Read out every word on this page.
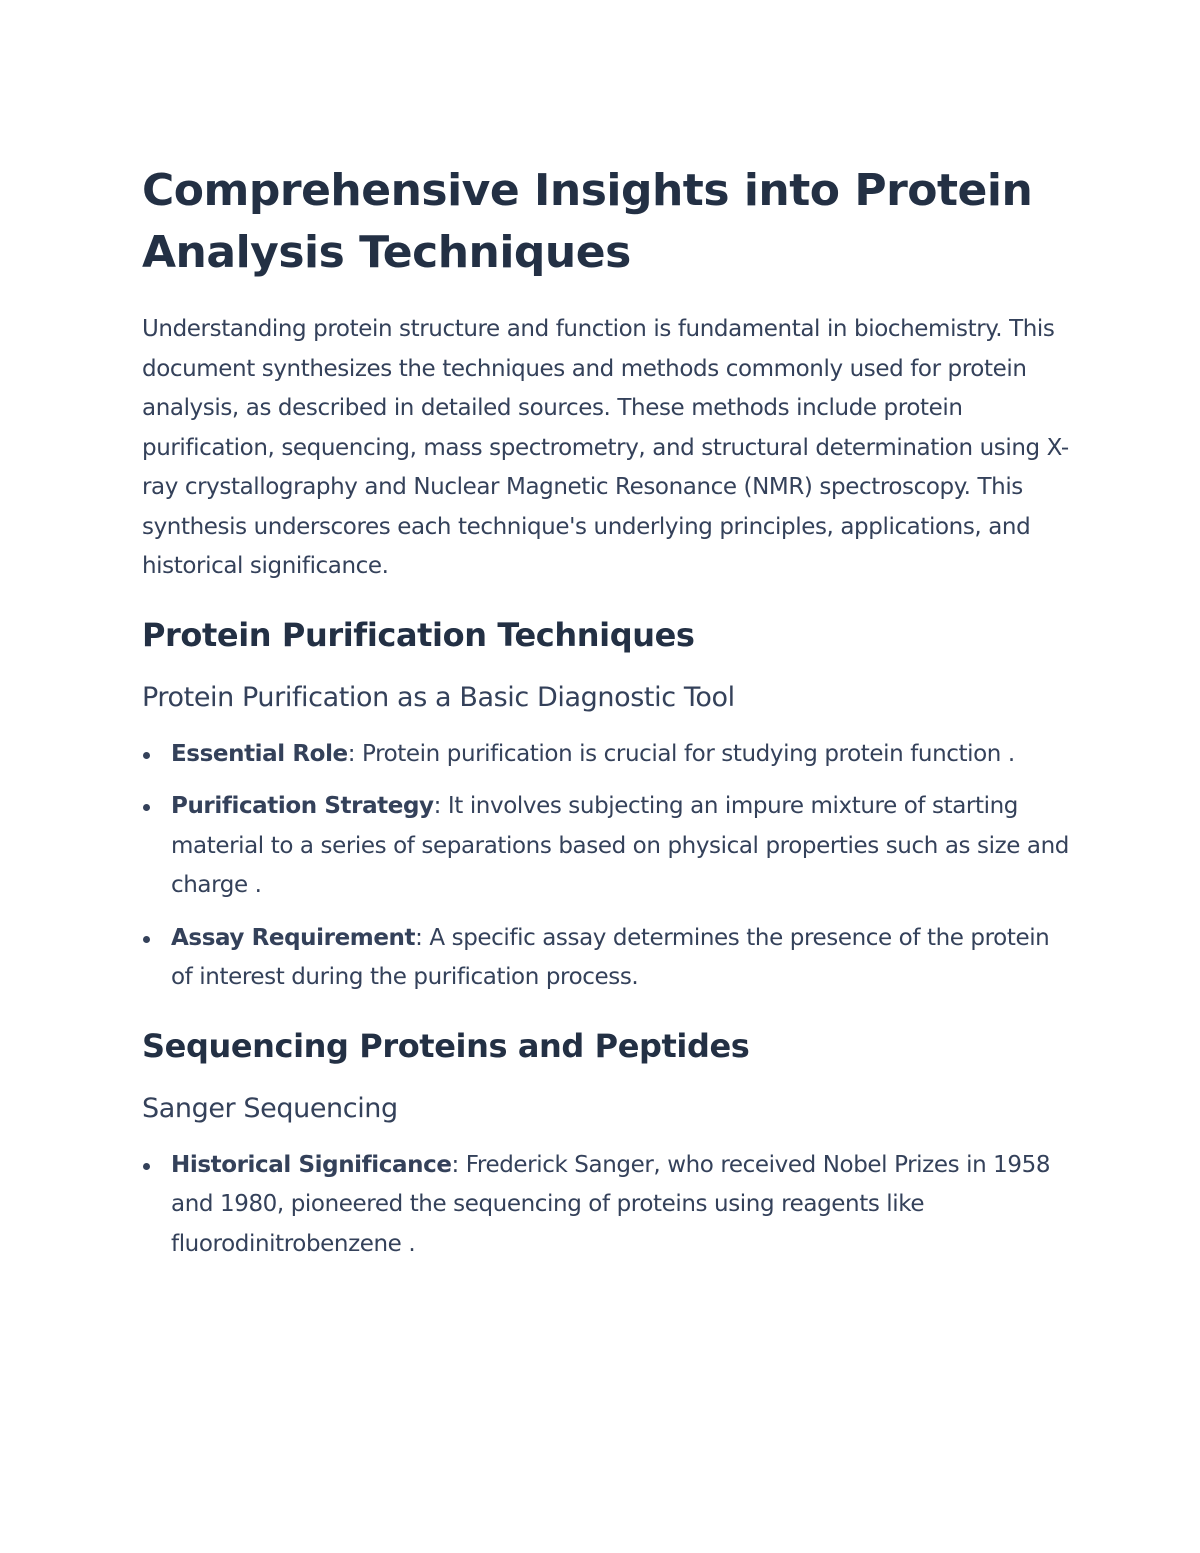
Comprehensive Insights into Protein Analysis Techniques

Understanding protein structure and function is fundamental in biochemistry. This document synthesizes the techniques and methods commonly used for protein analysis, as described in detailed sources. These methods include protein purification, sequencing, mass spectrometry, and structural determination using X-ray crystallography and Nuclear Magnetic Resonance (NMR) spectroscopy. This synthesis underscores each technique's underlying principles, applications, and historical significance.

Protein Purification Techniques
Protein Purification as a Basic Diagnostic Tool
Essential Role: Protein purification is crucial for studying protein function .
Purification Strategy: It involves subjecting an impure mixture of starting material to a series of separations based on physical properties such as size and charge .
Assay Requirement: A specific assay determines the presence of the protein of interest during the purification process.
Sequencing Proteins and Peptides
Sanger Sequencing
Historical Significance: Frederick Sanger, who received Nobel Prizes in 1958 and 1980, pioneered the sequencing of proteins using reagents like fluorodinitrobenzene .
